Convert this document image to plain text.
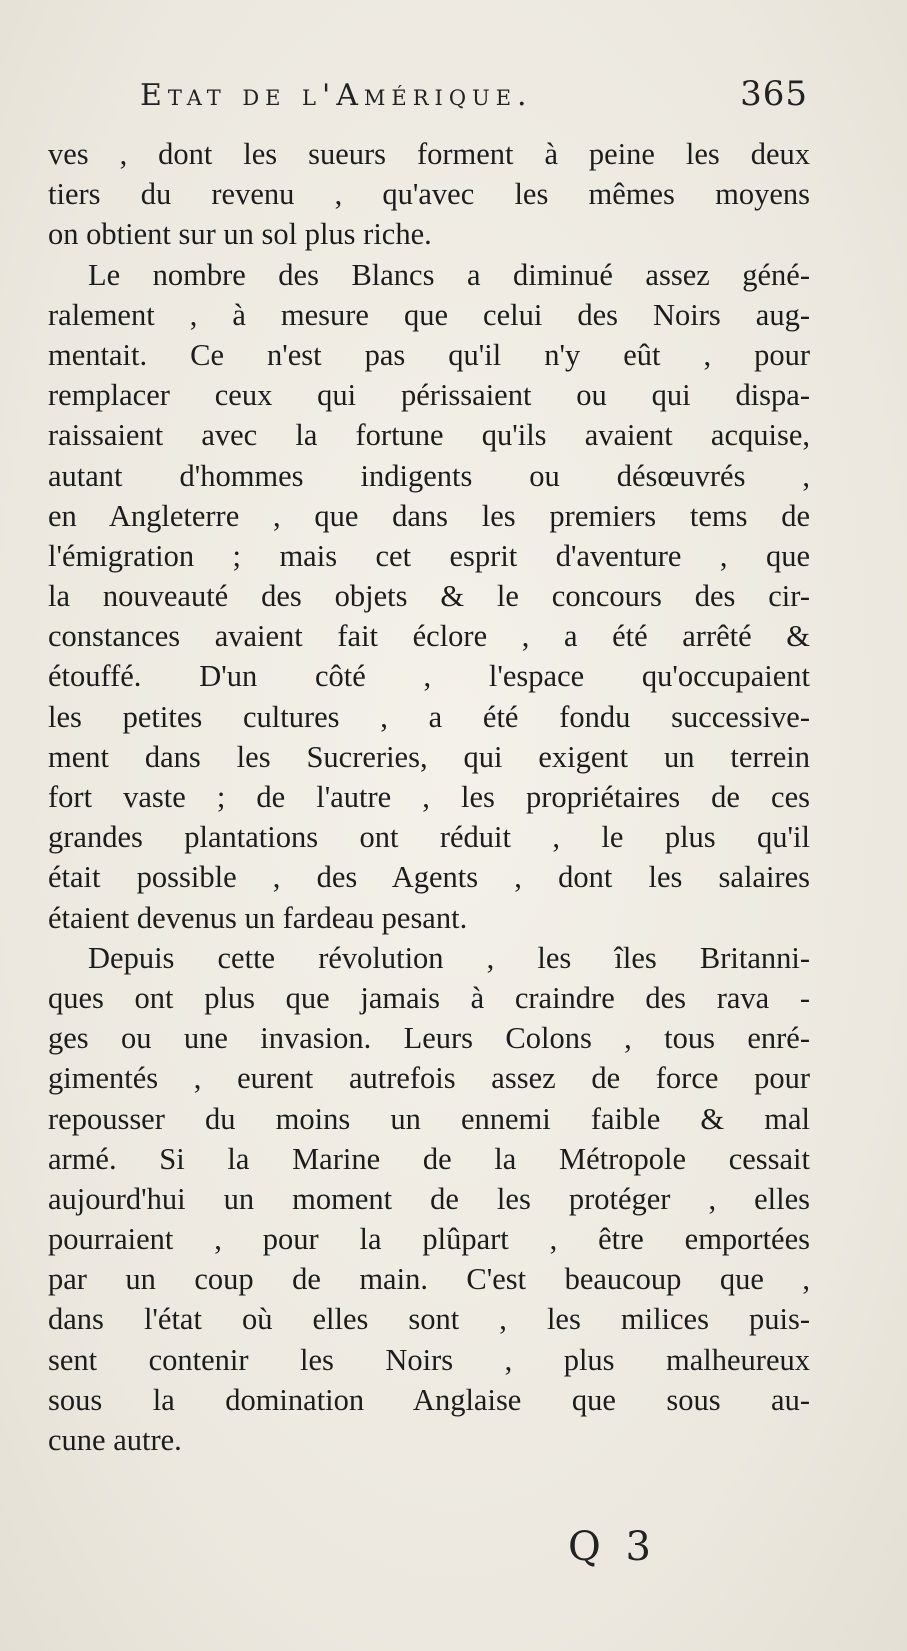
Etat de l'Amérique.	365
ves , dont les sueurs forment à peine les deux
tiers du revenu , qu'avec les mêmes moyens
on obtient sur un sol plus riche.
Le nombre des Blancs a diminué assez géné-
ralement , à mesure que celui des Noirs aug-
mentait. Ce n'est pas qu'il n'y eût , pour
remplacer ceux qui périssaient ou qui dispa-
raissaient avec la fortune qu'ils avaient acquise,
autant d'hommes indigents ou désœuvrés ,
en Angleterre , que dans les premiers tems de
l'émigration ; mais cet esprit d'aventure , que
la nouveauté des objets & le concours des cir-
constances avaient fait éclore , a été arrêté &
étouffé. D'un côté , l'espace qu'occupaient
les petites cultures , a été fondu successive-
ment dans les Sucreries, qui exigent un terrein
fort vaste ; de l'autre , les propriétaires de ces
grandes plantations ont réduit , le plus qu'il
était possible , des Agents , dont les salaires
étaient devenus un fardeau pesant.
Depuis cette révolution , les îles Britanni-
ques ont plus que jamais à craindre des rava -
ges ou une invasion. Leurs Colons , tous enré-
gimentés , eurent autrefois assez de force pour
repousser du moins un ennemi faible & mal
armé. Si la Marine de la Métropole cessait
aujourd'hui un moment de les protéger , elles
pourraient , pour la plûpart , être emportées
par un coup de main. C'est beaucoup que ,
dans l'état où elles sont , les milices puis-
sent contenir les Noirs , plus malheureux
sous la domination Anglaise que sous au-
cune autre.
Q 3
